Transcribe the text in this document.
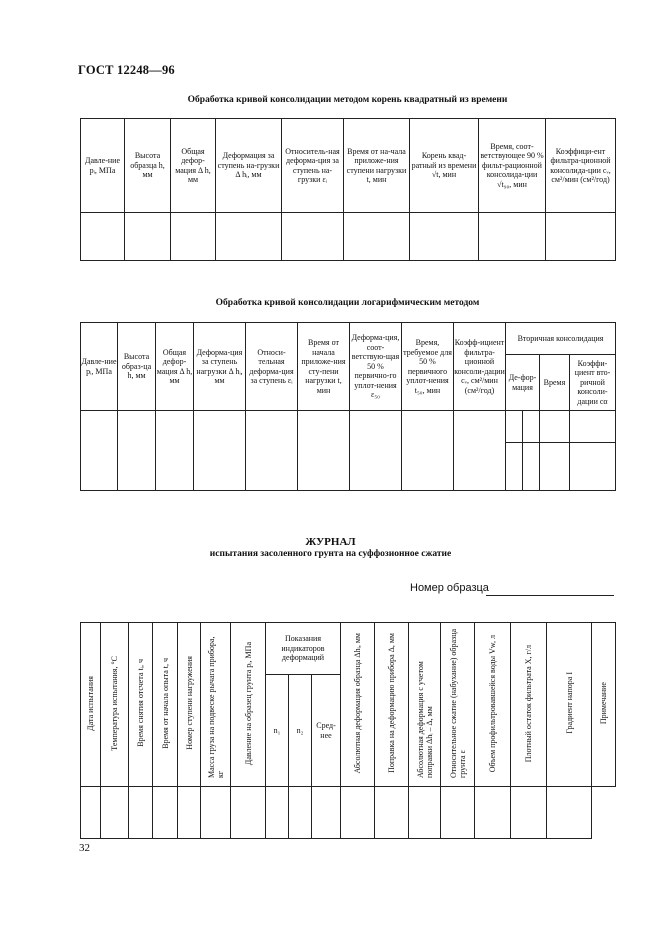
ГОСТ 12248—96
Обработка кривой консолидации методом корень квадратный из времени
Давле-ние pᵢ, МПа	Высота образца h, мм	Общая дефор-мация Δ h, мм	Деформация за ступень на-грузки Δ hᵢ, мм	Относитель-ная деформа-ция за ступень на-грузки εᵢ	Время от на-чала приложе-ния ступени нагрузки t, мин	Корень квад-ратный из времени √t, мин	Время, соот-ветствующее 90 % фильт-рационной консолида-ции √t₉₀, мин	Коэффици-ент фильтра-ционной консолида-ции cᵥ, см²/мин (см²/год)

Обработка кривой консолидации логарифмическим методом
Давле-ние pᵢ, МПа	Высота образ-ца h, мм	Общая дефор-мация Δ h, мм	Деформа-ция за ступень нагрузки Δ hᵢ, мм	Относи-тельная деформа-ция за ступень εᵢ	Время от начала приложе-ния сту-пени нагрузки t, мин	Деформа-ция, соот-ветствую-щая 50 % первично-го уплот-нения ε₅₀	Время, требуемое для 50 % первичного уплот-нения t₅₀, мин	Коэфф-ициент фильтра-ционной консоли-дации cᵥ, см²/мин (см²/год)	Вторичная консолидация			
									Де-фор-мация		Время	Коэффи-циент вто-ричной консоли-дации cα

ЖУРНАЛ
испытания засоленного грунта на суффозионное сжатие
Номер образца
Дата испытания	Температура испытания, °С	Время снятия отсчета tᵢ, ч	Время от начала опыта t, ч	Номер ступени нагружения	Масса груза на подвеске рычага прибора, кг	Давление на образец грунта pᵢ, МПа	Показания индикаторов деформаций			Абсолютная деформация образца Δhᵢ, мм	Поправка на деформацию прибора Δ, мм	Абсолютная деформация с учетом поправки Δhᵢ – Δ, мм	Относительное сжатие (набухание) образца грунта ε	Объем профильтровавшейся воды Vw, л	Плотный остаток фильтрата Х, г/л	Градиент напора I	Примечание
							n₁	n₂	Сред-нее								

32
